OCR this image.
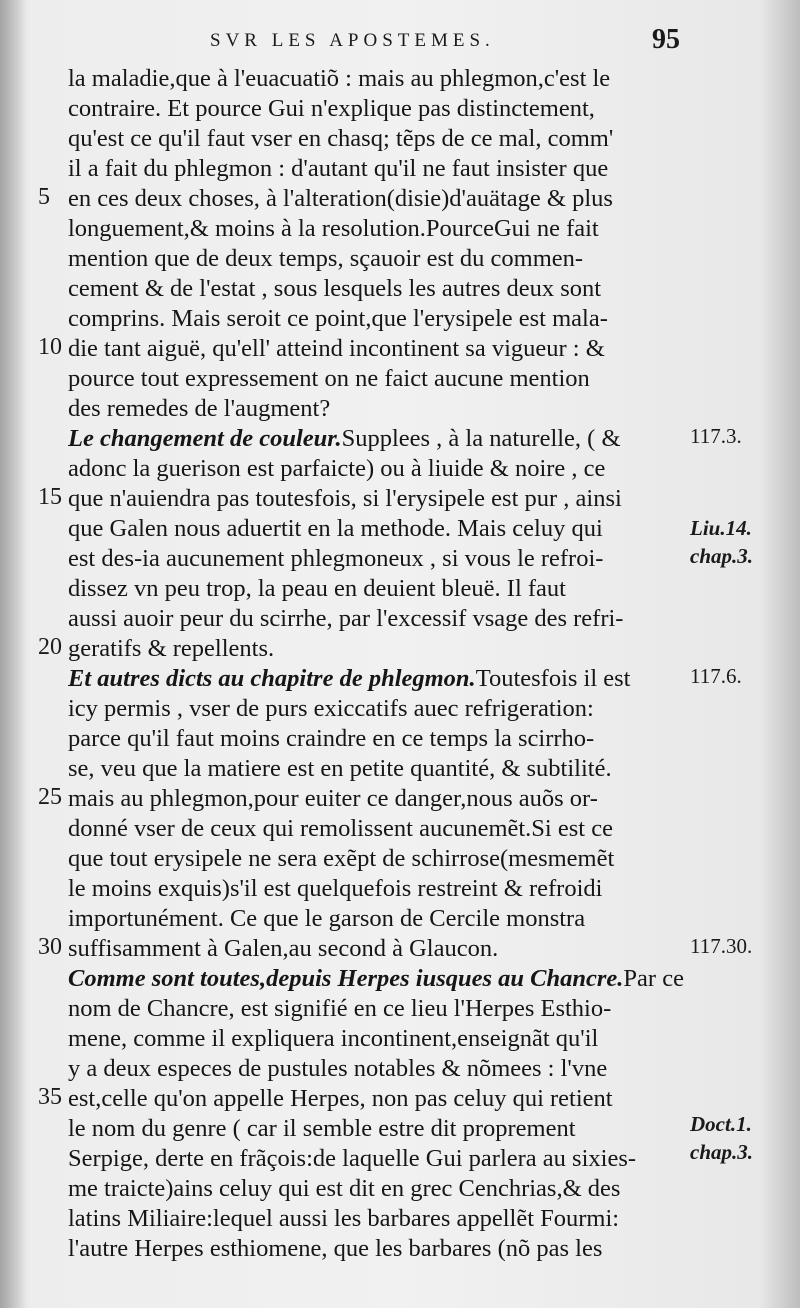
SVR LES APOSTEMES.	95
la maladie,que à l'euacuatiõ : mais au phlegmon,c'est le
contraire. Et pource Gui n'explique pas distinctement,
qu'est ce qu'il faut vser en chasq; tẽps de ce mal, comm'
il a fait du phlegmon : d'autant qu'il ne faut insister que
en ces deux choses, à l'alteration(disie)d'auätage & plus
longuement,& moins à la resolution.PourceGui ne fait
mention que de deux temps, sçauoir est du commen-
cement & de l'estat , sous lesquels les autres deux sont
comprins. Mais seroit ce point,que l'erysipele est mala-
die tant aiguë, qu'ell' atteind incontinent sa vigueur : &
pource tout expressement on ne faict aucune mention
des remedes de l'augment?
Le changement de couleur. Supplees , à la naturelle, ( &
adonc la guerison est parfaicte) ou à liuide & noire , ce
que n'auiendra pas toutesfois, si l'erysipele est pur , ainsi
que Galen nous aduertit en la methode. Mais celuy qui
est des-ia aucunement phlegmoneux , si vous le refroi-
dissez vn peu trop, la peau en deuient bleuë. Il faut
aussi auoir peur du scirrhe, par l'excessif vsage des refri-
geratifs & repellents.
Et autres dicts au chapitre de phlegmon. Toutesfois il est
icy permis , vser de purs exiccatifs auec refrigeration:
parce qu'il faut moins craindre en ce temps la scirrho-
se, veu que la matiere est en petite quantité, & subtilité.
mais au phlegmon,pour euiter ce danger,nous auõs or-
donné vser de ceux qui remolissent aucunemẽt.Si est ce
que tout erysipele ne sera exẽpt de schirrose(mesmemẽt
le moins exquis)s'il est quelquefois restreint & refroidi
importunément. Ce que le garson de Cercile monstra
suffisamment à Galen,au second à Glaucon.
Comme sont toutes,depuis Herpes iusques au Chancre. Par ce
nom de Chancre, est signifié en ce lieu l'Herpes Esthio-
mene, comme il expliquera incontinent,enseignãt qu'il
y a deux especes de pustules notables & nõmees : l'vne
est,celle qu'on appelle Herpes, non pas celuy qui retient
le nom du genre ( car il semble estre dit proprement
Serpige, derte en frãçois:de laquelle Gui parlera au sixies-
me traicte)ains celuy qui est dit en grec Cenchrias,& des
latins Miliaire:lequel aussi les barbares appellẽt Fourmi:
l'autre Herpes esthiomene, que les barbares (nõ pas les
5
10
15
20
25
30
35
117.3.
Liu.14.
chap.3.
117.6.
117.30.
Doct.1.
chap.3.
